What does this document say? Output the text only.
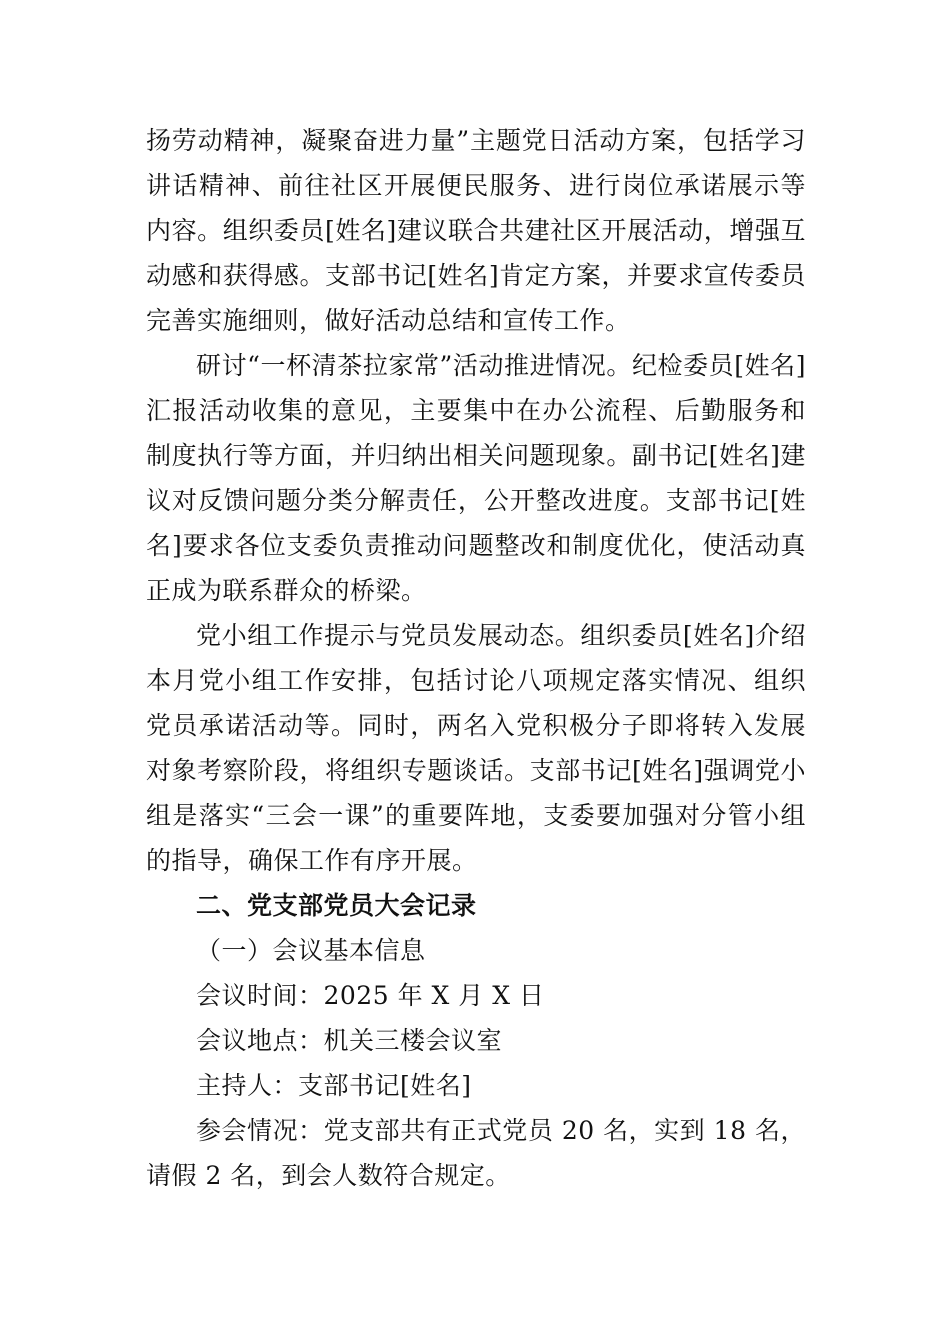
扬劳动精神，凝聚奋进力量”主题党日活动方案，包括学习讲话精神、前往社区开展便民服务、进行岗位承诺展示等内容。组织委员[姓名]建议联合共建社区开展活动，增强互动感和获得感。支部书记[姓名]肯定方案，并要求宣传委员完善实施细则，做好活动总结和宣传工作。

研讨“一杯清茶拉家常”活动推进情况。纪检委员[姓名]汇报活动收集的意见，主要集中在办公流程、后勤服务和制度执行等方面，并归纳出相关问题现象。副书记[姓名]建议对反馈问题分类分解责任，公开整改进度。支部书记[姓名]要求各位支委负责推动问题整改和制度优化，使活动真正成为联系群众的桥梁。

党小组工作提示与党员发展动态。组织委员[姓名]介绍本月党小组工作安排，包括讨论八项规定落实情况、组织党员承诺活动等。同时，两名入党积极分子即将转入发展对象考察阶段，将组织专题谈话。支部书记[姓名]强调党小组是落实“三会一课”的重要阵地，支委要加强对分管小组的指导，确保工作有序开展。

二、党支部党员大会记录

（一）会议基本信息

会议时间：2025 年 X 月 X 日

会议地点：机关三楼会议室

主持人：支部书记[姓名]

参会情况：党支部共有正式党员 20 名，实到 18 名，请假 2 名，到会人数符合规定。
